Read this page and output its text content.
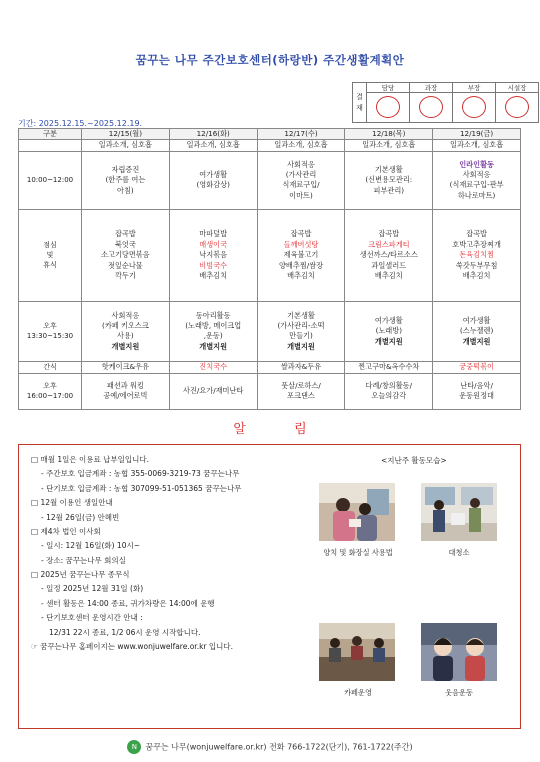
꿈꾸는 나무 주간보호센터(하랑반) 주간생활계획안
결
재	담당	과장	부장	시설장

기간: 2025.12.15.~2025.12.19.
구분	12/15(월)	12/16(화)	12/17(수)	12/18(목)	12/19(금)
	일과소개, 심호흡	일과소개, 심호흡	일과소개, 심호흡	일과소개, 심호흡	일과소개, 심호흡
10:00~12:00	자립증진
(한주를 여는
아침)	여가생활
(영화감상)	사회적응
(가사관리
식재료구입/
이마트)	기본생활
(신변용모관리:
피부관리)	인라인활동
사회적응
(식재료구입-판부
하나로마트)

점심
및
휴식	잡곡밥
북엇국
소고기당면볶음
젓잎순나물
깍두기	마파덮밥
매생이국
낙지볶음
비빔국수
배추김치	잡곡밥
들깨버섯탕
제육불고기
양배추찜/쌈장
배추김치	잡곡밥
크림스파게티
생선까스/타르소스
과일샐러드
배추김치	잡곡밥
호박고추장찌개
돈육김치찜
쑥갓두부무침
배추김치

오후
13:30~15:30	사회적응
(카페 키오스크
사용)
개별지원	동아리활동
(노래방, 메이크업
,운동)
개별지원	기본생활
(가사관리-소떡
만들기)
개별지원	여가생활
(노래방)
개별지원	여가생활
(스누젤렌)
개별지원

간식	핫케이크&우유	진치국수	쌀과자&두유	찐고구마&옥수수차	궁중떡볶이

오후
16:00~17:00	패션과 워킹
공예/에어로빅	사진/요가/재미난타	풋살/로하스/
포크댄스	다례/창의활동/
오늘의감각	난타/음악/
운동원정대
알 림
□ 매월 1일은 이용료 납부일입니다.
- 주간보호 입금계좌 : 농협 355-0069-3219-73 꿈꾸는나무
- 단기보호 입금계좌 : 농협 307099-51-051365 꿈꾸는나무
□ 12월 이용인 생일안내
- 12월 26일(금) 안혜빈
□ 제4차 법인 이사회
- 일시: 12월 16일(화) 10시~
- 장소: 꿈꾸는나무 회의실
□ 2025년 꿈꾸는나무 종무식
- 일정 2025년 12월 31일 (화)
- 센터 활동은 14:00 종료, 귀가차량은 14:00에 운행
- 단기보호센터 운영시간 안내 :
12/31 22시 종료, 1/2 06시 운영 시작합니다.
☞ 꿈꾸는나무 홈페이지는 www.wonjuwelfare.or.kr 입니다.
<지난주 활동모습>
양치 및 화장실 사용법	대청소
카페운영	웃음운동
N 꿈꾸는 나무(wonjuwelfare.or.kr) 전화 766-1722(단기), 761-1722(주간)
